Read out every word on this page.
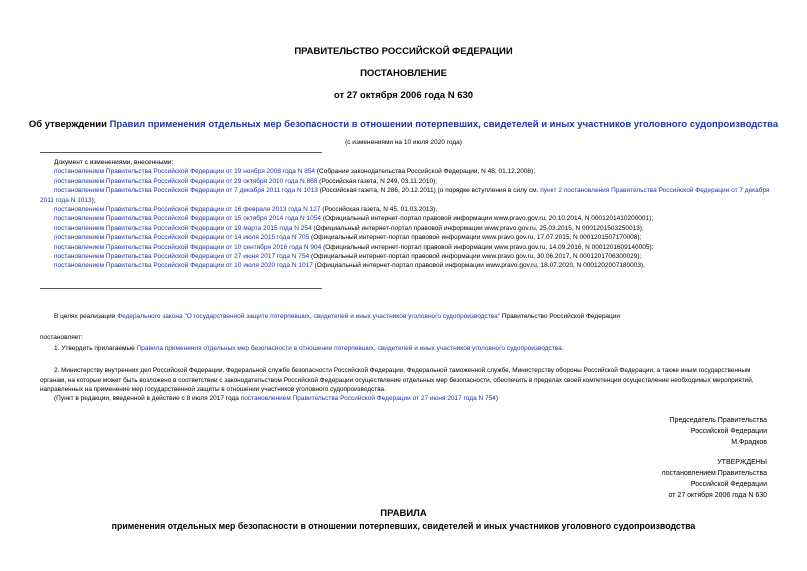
ПРАВИТЕЛЬСТВО РОССИЙСКОЙ ФЕДЕРАЦИИ
ПОСТАНОВЛЕНИЕ
от 27 октября 2006 года N 630
Об утверждении Правил применения отдельных мер безопасности в отношении потерпевших, свидетелей и иных участников уголовного судопроизводства
(с изменениями на 10 июля 2020 года)
Документ с изменениями, внесенными:
постановлением Правительства Российской Федерации от 19 ноября 2008 года N 854 (Собрание законодательства Российской Федерации, N 48, 01.12.2008);
постановлением Правительства Российской Федерации от 29 октября 2010 года N 868 (Российская газета, N 249, 03.11.2010);
постановлением Правительства Российской Федерации от 7 декабря 2011 года N 1013 (Российская газета, N 286, 20.12.2011) (о порядке вступления в силу см. пункт 2 постановления Правительства Российской Федерации от 7 декабря 2011 года N 1013);
постановлением Правительства Российской Федерации от 16 февраля 2013 года N 127 (Российская газета, N 45, 01.03.2013).
постановлением Правительства Российской Федерации от 15 октября 2014 года N 1054 (Официальный интернет-портал правовой информации www.pravo.gov.ru, 20.10.2014, N 0001201410200001);
постановлением Правительства Российской Федерации от 19 марта 2015 года N 254 (Официальный интернет-портал правовой информации www.pravo.gov.ru, 25.03.2015, N 0001201503250013);
постановлением Правительства Российской Федерации от 14 июля 2015 года N 705 (Официальный интернет-портал правовой информации www.pravo.gov.ru, 17.07.2015, N 0001201507170008);
постановлением Правительства Российской Федерации от 10 сентября 2016 года N 904 (Официальный интернет-портал правовой информации www.pravo.gov.ru, 14.09.2016, N 0001201609140005);
постановлением Правительства Российской Федерации от 27 июня 2017 года N 754 (Официальный интернет-портал правовой информации www.pravo.gov.ru, 30.06.2017, N 0001201706300029);
постановлением Правительства Российской Федерации от 10 июля 2020 года N 1017 (Официальный интернет-портал правовой информации www.pravo.gov.ru, 18.07.2020, N 0001202007180003).
В целях реализации Федерального закона "О государственной защите потерпевших, свидетелей и иных участников уголовного судопроизводства" Правительство Российской Федерации
постановляет:
1. Утвердить прилагаемые Правила применения отдельных мер безопасности в отношении потерпевших, свидетелей и иных участников уголовного судопроизводства.
2. Министерству внутренних дел Российской Федерации, Федеральной службе безопасности Российской Федерации, Федеральной таможенной службе, Министерству обороны Российской Федерации, а также иным государственным органам, на которые может быть возложено в соответствии с законодательством Российской Федерации осуществление отдельных мер безопасности, обеспечить в пределах своей компетенции осуществление необходимых мероприятий, направленных на применение мер государственной защиты в отношении участников уголовного судопроизводства.
(Пункт в редакции, введенной в действие с 8 июля 2017 года постановлением Правительства Российской Федерации от 27 июня 2017 года N 754)
Председатель Правительства
Российской Федерации
М.Фрадков
УТВЕРЖДЕНЫ
постановлением Правительства
Российской Федерации
от 27 октября 2006 года N 630
ПРАВИЛА
применения отдельных мер безопасности в отношении потерпевших, свидетелей и иных участников уголовного судопроизводства
